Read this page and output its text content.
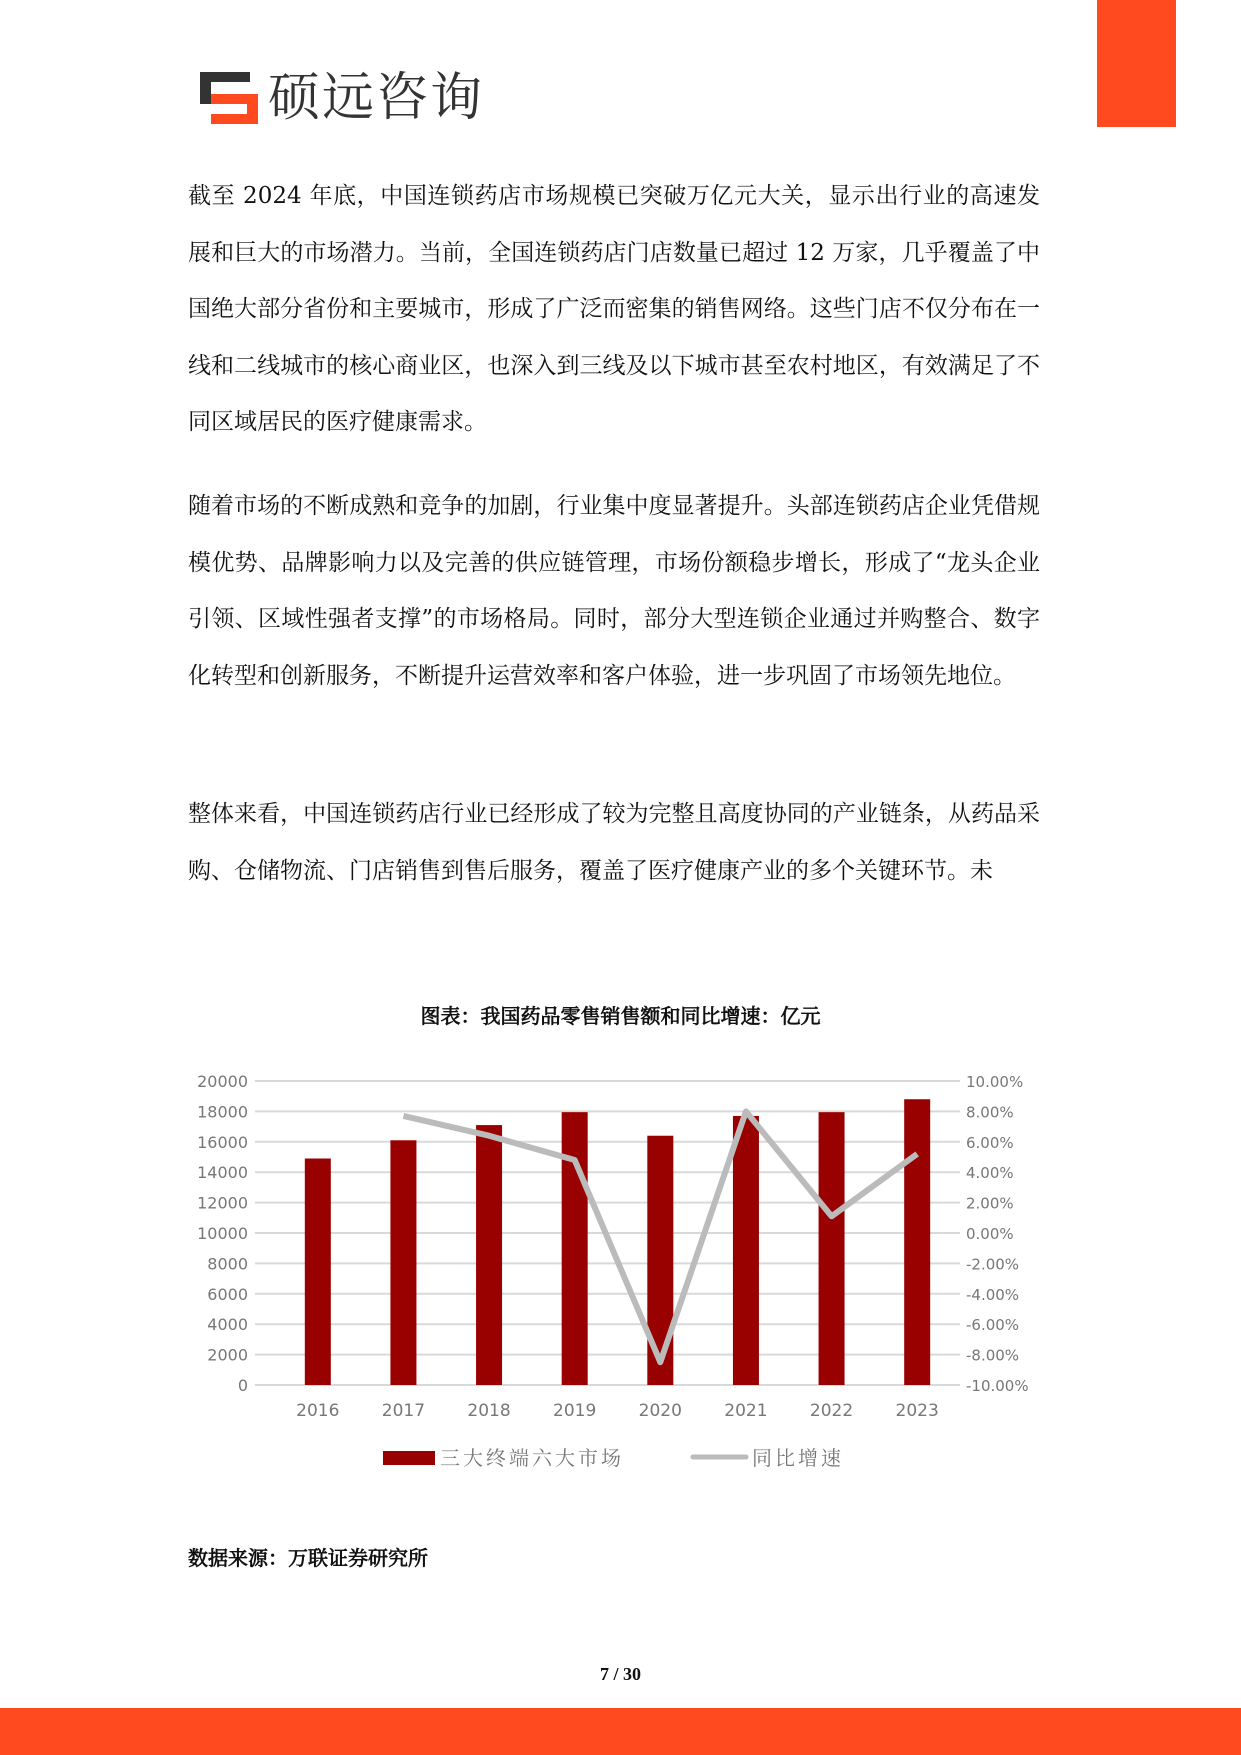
硕远咨询

截至 2024 年底，中国连锁药店市场规模已突破万亿元大关，显示出行业的高速发展和巨大的市场潜力。当前，全国连锁药店门店数量已超过 12 万家，几乎覆盖了中国绝大部分省份和主要城市，形成了广泛而密集的销售网络。这些门店不仅分布在一线和二线城市的核心商业区，也深入到三线及以下城市甚至农村地区，有效满足了不同区域居民的医疗健康需求。

随着市场的不断成熟和竞争的加剧，行业集中度显著提升。头部连锁药店企业凭借规模优势、品牌影响力以及完善的供应链管理，市场份额稳步增长，形成了“龙头企业引领、区域性强者支撑”的市场格局。同时，部分大型连锁企业通过并购整合、数字化转型和创新服务，不断提升运营效率和客户体验，进一步巩固了市场领先地位。

整体来看，中国连锁药店行业已经形成了较为完整且高度协同的产业链条，从药品采购、仓储物流、门店销售到售后服务，覆盖了医疗健康产业的多个关键环节。未

图表：我国药品零售销售额和同比增速：亿元
0
2000
4000
6000
8000
10000
12000
14000
16000
18000
20000
-10.00%
-8.00%
-6.00%
-4.00%
-2.00%
0.00%
2.00%
4.00%
6.00%
8.00%
10.00%
2016 2017 2018 2019 2020 2021 2022 2023
三大终端六大市场	同比增速
数据来源：万联证券研究所
7 / 30
